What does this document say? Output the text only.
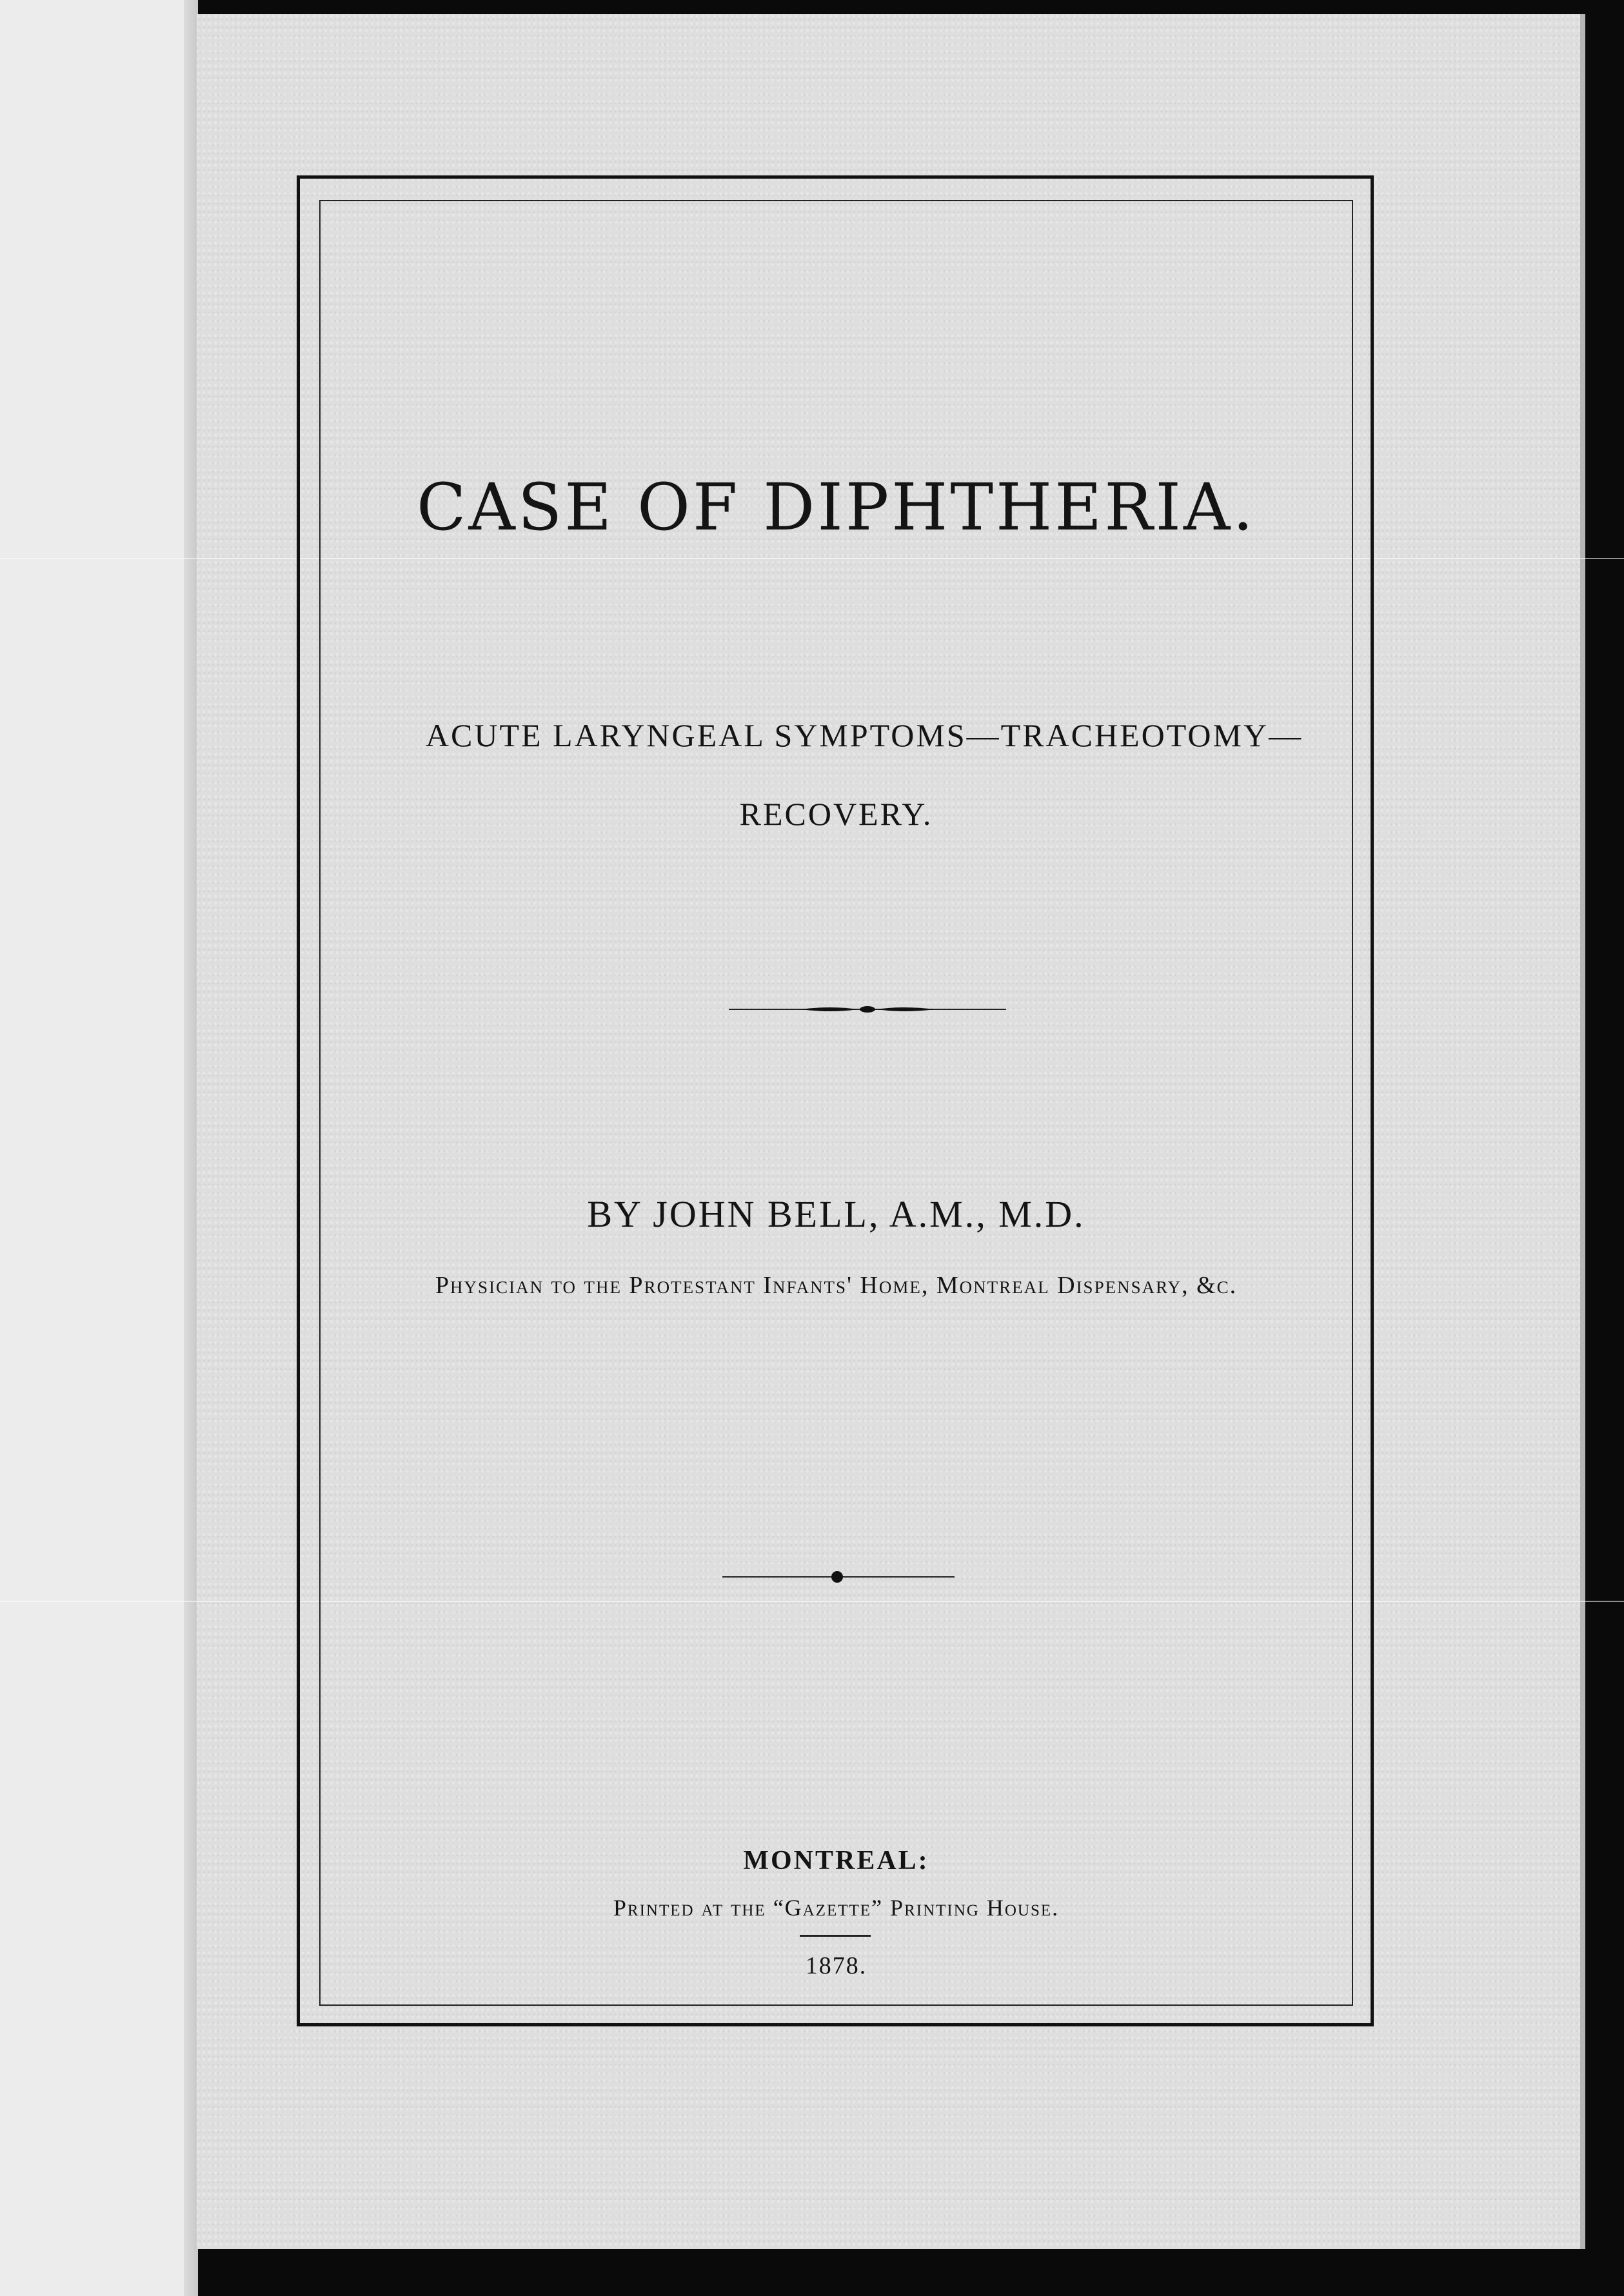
CASE OF DIPHTHERIA.
ACUTE LARYNGEAL SYMPTOMS—TRACHEOTOMY—
RECOVERY.
BY JOHN BELL, A.M., M.D.
Physician to the Protestant Infants' Home, Montreal Dispensary, &c.
MONTREAL:
Printed at the “Gazette” Printing House.
1878.
